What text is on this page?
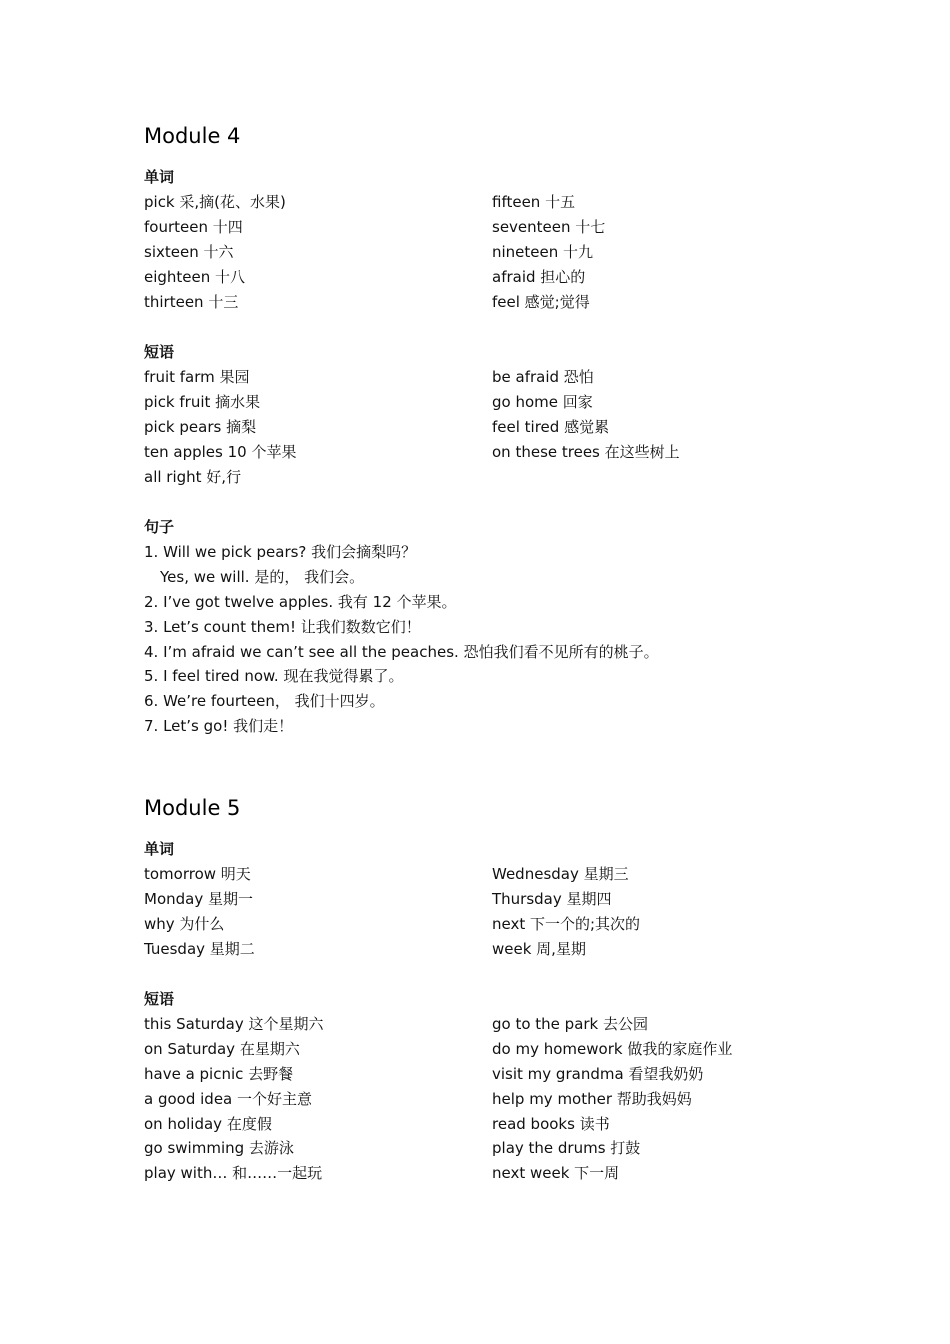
Module 4
单词
pick 采,摘(花、水果)
fourteen 十四
sixteen 十六
eighteen 十八
thirteen 十三
fifteen 十五
seventeen 十七
nineteen 十九
afraid 担心的
feel 感觉;觉得
短语
fruit farm 果园
pick fruit 摘水果
pick pears 摘梨
ten apples 10 个苹果
all right 好,行
be afraid 恐怕
go home 回家
feel tired 感觉累
on these trees 在这些树上
句子
1. Will we pick pears? 我们会摘梨吗？
Yes, we will. 是的， 我们会。
2. I’ve got twelve apples. 我有 12 个苹果。
3. Let’s count them! 让我们数数它们！
4. I’m afraid we can’t see all the peaches. 恐怕我们看不见所有的桃子。
5. I feel tired now. 现在我觉得累了。
6. We’re fourteen， 我们十四岁。
7. Let’s go! 我们走！
Module 5
单词
tomorrow 明天
Monday 星期一
why 为什么
Tuesday 星期二
Wednesday 星期三
Thursday 星期四
next 下一个的;其次的
week 周,星期
短语
this Saturday 这个星期六
on Saturday 在星期六
have a picnic 去野餐
a good idea 一个好主意
on holiday 在度假
go swimming 去游泳
play with… 和……一起玩
go to the park 去公园
do my homework 做我的家庭作业
visit my grandma 看望我奶奶
help my mother 帮助我妈妈
read books 读书
play the drums 打鼓
next week 下一周
